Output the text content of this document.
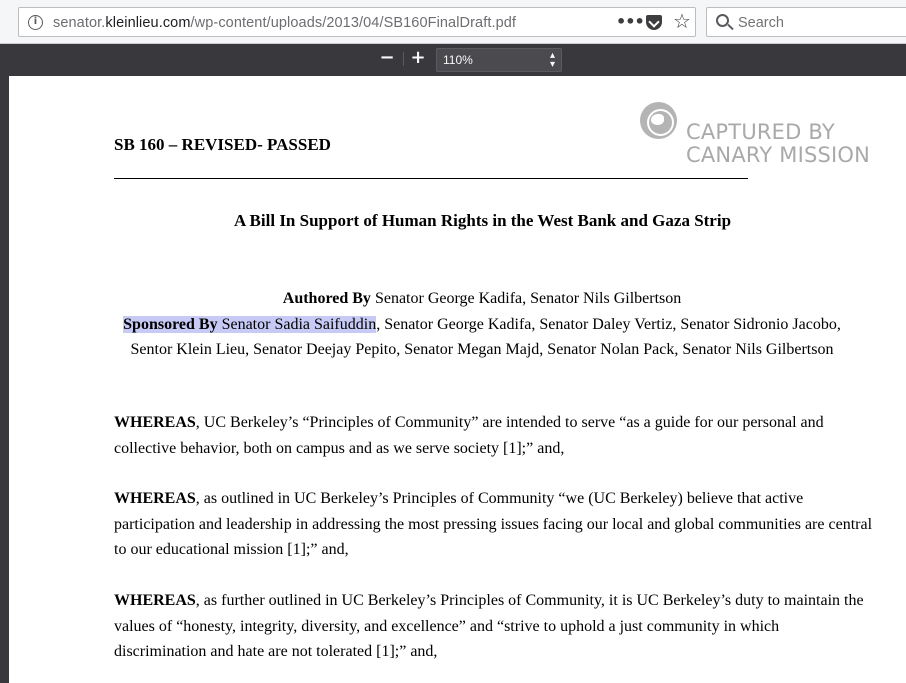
i	senator.kleinlieu.com/wp-content/uploads/2013/04/SB160FinalDraft.pdf	••• ☆	Search
− +	110%	▴
▾
CAPTURED BY
CANARY MISSION
SB 160 – REVISED- PASSED
A Bill In Support of Human Rights in the West Bank and Gaza Strip
Authored By Senator George Kadifa, Senator Nils Gilbertson
Sponsored By Senator Sadia Saifuddin, Senator George Kadifa, Senator Daley Vertiz, Senator Sidronio Jacobo, Sentor Klein Lieu, Senator Deejay Pepito, Senator Megan Majd, Senator Nolan Pack, Senator Nils Gilbertson

WHEREAS, UC Berkeley’s “Principles of Community” are intended to serve “as a guide for our personal and collective behavior, both on campus and as we serve society [1];” and,

WHEREAS, as outlined in UC Berkeley’s Principles of Community “we (UC Berkeley) believe that active participation and leadership in addressing the most pressing issues facing our local and global communities are central to our educational mission [1];” and,

WHEREAS, as further outlined in UC Berkeley’s Principles of Community, it is UC Berkeley’s duty to maintain the values of “honesty, integrity, diversity, and excellence” and “strive to uphold a just community in which discrimination and hate are not tolerated [1];” and,
